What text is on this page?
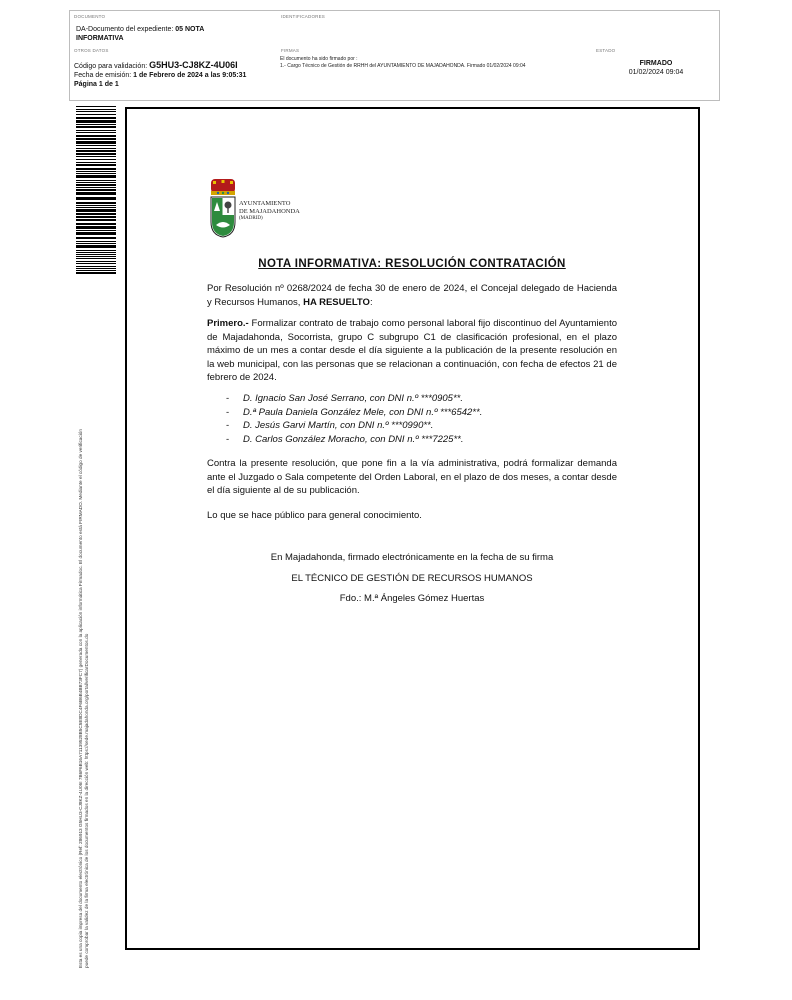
DOCUMENTO
DA-Documento del expediente: 05 NOTA
INFORMATIVA
IDENTIFICADORES
OTROS DATOS
Código para validación: G5HU3-CJ8KZ-4U06I
Fecha de emisión: 1 de Febrero de 2024 a las 9:05:31
Página 1 de 1
FIRMAS
El documento ha sido firmado por :
1.- Cargo Técnico de Gestión de RRHH del AYUNTAMIENTO DE MAJADAHONDA. Firmado 01/02/2024 09:04
ESTADO
FIRMADO
01/02/2024 09:04
Esta es una copia impresa del documento electrónico (Ref: 286913 G5HU3-CJ8KZ-4U06I 7B6F6B16A71139528B5C5E8DC4F6B6B4BB73FC7) generada con la aplicación informática Firmadoc. El documento está FIRMADO. Mediante el código de verificación puede comprobar la validez de la firma electrónica de los documentos firmados en la dirección web: https://sede.majadahonda.org/portal/verificarDocumentos.do
AYUNTAMIENTO
DE MAJADAHONDA
(MADRID)
NOTA INFORMATIVA: RESOLUCIÓN CONTRATACIÓN
Por Resolución nº 0268/2024 de fecha 30 de enero de 2024, el Concejal delegado de Hacienda y Recursos Humanos, HA RESUELTO:
Primero.- Formalizar contrato de trabajo como personal laboral fijo discontinuo del Ayuntamiento de Majadahonda, Socorrista, grupo C subgrupo C1 de clasificación profesional, en el plazo máximo de un mes a contar desde el día siguiente a la publicación de la presente resolución en la web municipal, con las personas que se relacionan a continuación, con fecha de efectos 21 de febrero de 2024.
- D. Ignacio San José Serrano, con DNI n.º ***0905**.
- D.ª Paula Daniela González Mele, con DNI n.º ***6542**.
- D. Jesús Garvi Martín, con DNI n.º ***0990**.
- D. Carlos González Moracho, con DNI n.º ***7225**.
Contra la presente resolución, que pone fin a la vía administrativa, podrá formalizar demanda ante el Juzgado o Sala competente del Orden Laboral, en el plazo de dos meses, a contar desde el día siguiente al de su publicación.
Lo que se hace público para general conocimiento.
En Majadahonda, firmado electrónicamente en la fecha de su firma
EL TÉCNICO DE GESTIÓN DE RECURSOS HUMANOS
Fdo.: M.ª Ángeles Gómez Huertas
